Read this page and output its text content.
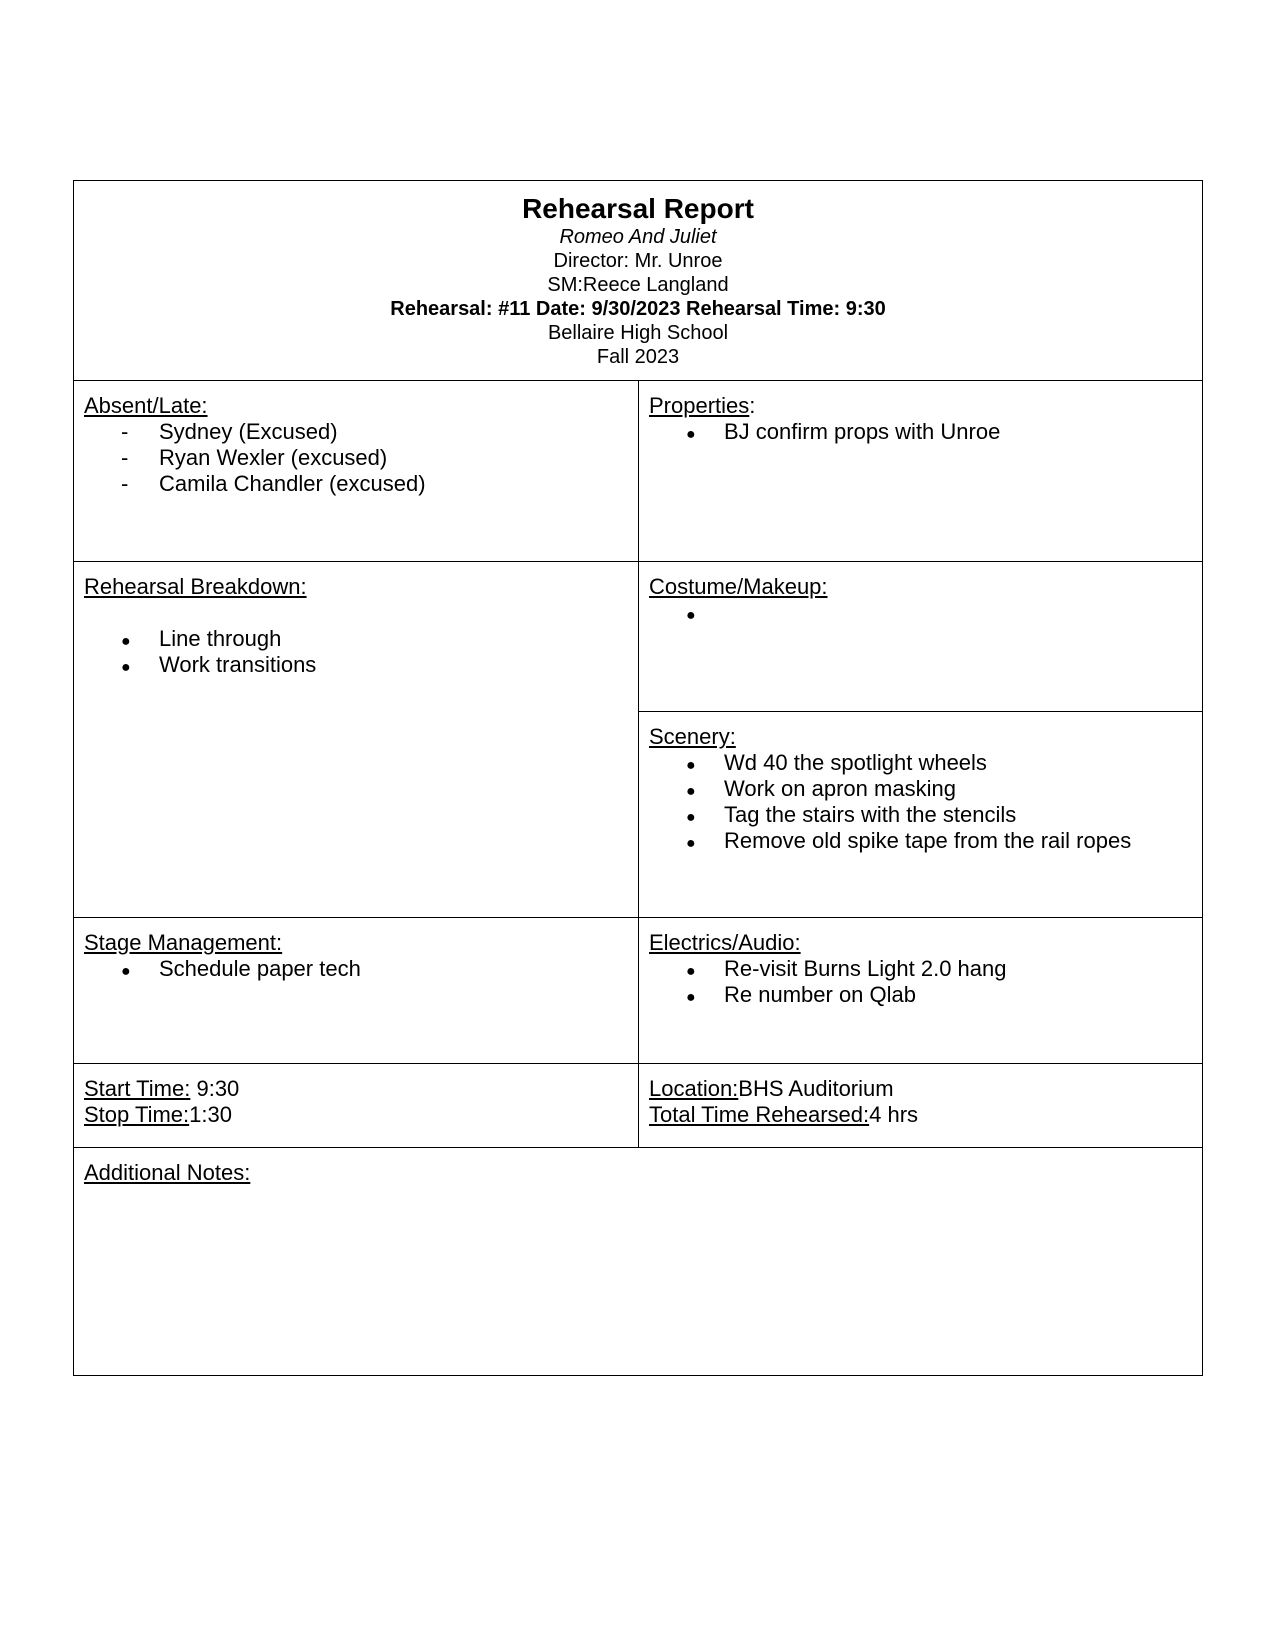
Rehearsal Report
Romeo And Juliet
Director: Mr. Unroe
SM:Reece Langland
Rehearsal: #11 Date: 9/30/2023 Rehearsal Time: 9:30
Bellaire High School
Fall 2023
Absent/Late:
-
Sydney (Excused)
-
Ryan Wexler (excused)
-
Camila Chandler (excused)
Properties:
●
BJ confirm props with Unroe
Rehearsal Breakdown:
●
Line through
●
Work transitions
Costume/Makeup:
●
Scenery:
●
Wd 40 the spotlight wheels
●
Work on apron masking
●
Tag the stairs with the stencils
●
Remove old spike tape from the rail ropes
Stage Management:
●
Schedule paper tech
Electrics/Audio:
●
Re-visit Burns Light 2.0 hang
●
Re number on Qlab
Start Time: 9:30
Stop Time:1:30
Location:BHS Auditorium
Total Time Rehearsed:4 hrs
Additional Notes:
